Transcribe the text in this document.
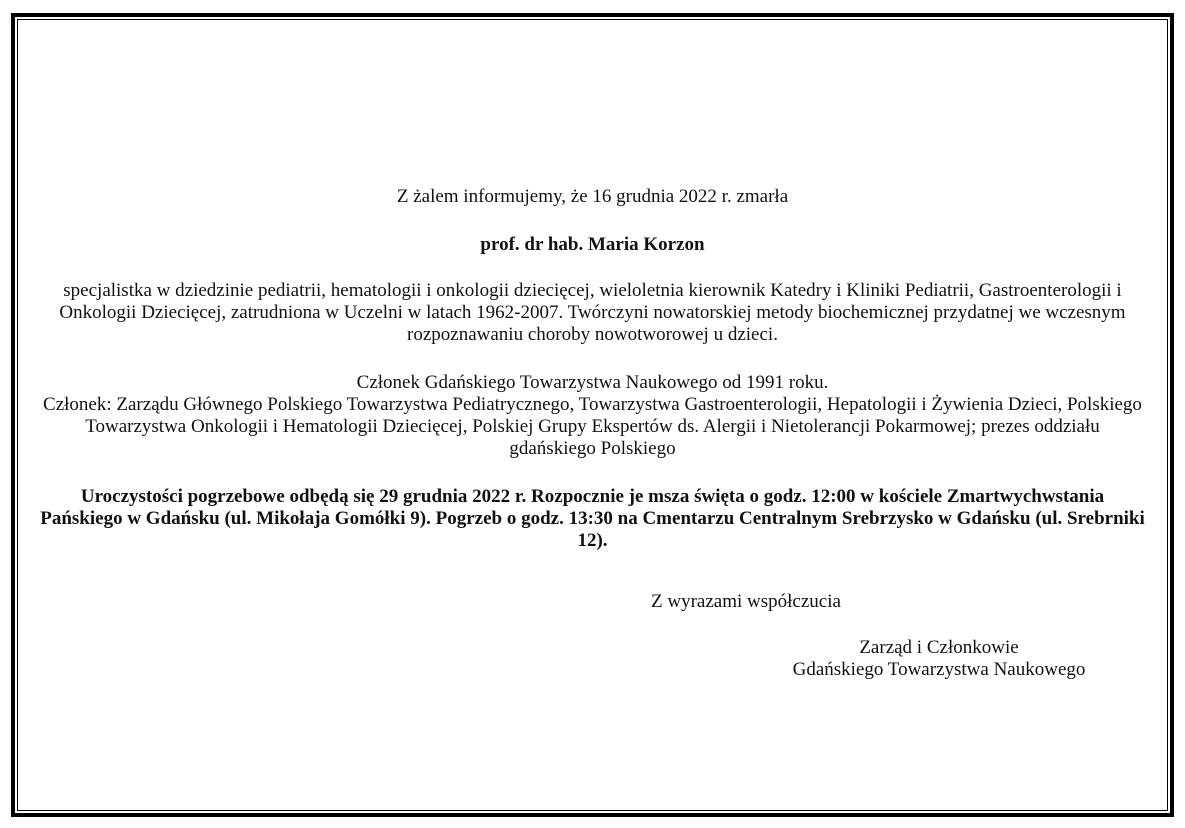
Z żalem informujemy, że 16 grudnia 2022 r. zmarła

prof. dr hab. Maria Korzon

specjalistka w dziedzinie pediatrii, hematologii i onkologii dziecięcej, wieloletnia kierownik Katedry i Kliniki Pediatrii, Gastroenterologii i Onkologii Dziecięcej, zatrudniona w Uczelni w latach 1962-2007. Twórczyni nowatorskiej metody biochemicznej przydatnej we wczesnym rozpoznawaniu choroby nowotworowej u dzieci.

Członek Gdańskiego Towarzystwa Naukowego od 1991 roku.

Członek: Zarządu Głównego Polskiego Towarzystwa Pediatrycznego, Towarzystwa Gastroenterologii, Hepatologii i Żywienia Dzieci, Polskiego Towarzystwa Onkologii i Hematologii Dziecięcej, Polskiej Grupy Ekspertów ds. Alergii i Nietolerancji Pokarmowej; prezes oddziału gdańskiego Polskiego

Uroczystości pogrzebowe odbędą się 29 grudnia 2022 r. Rozpocznie je msza święta o godz. 12:00 w kościele Zmartwychwstania Pańskiego w Gdańsku (ul. Mikołaja Gomółki 9). Pogrzeb o godz. 13:30 na Cmentarzu Centralnym Srebrzysko w Gdańsku (ul. Srebrniki 12).

Z wyrazami współczucia
Zarząd i Członkowie
Gdańskiego Towarzystwa Naukowego
